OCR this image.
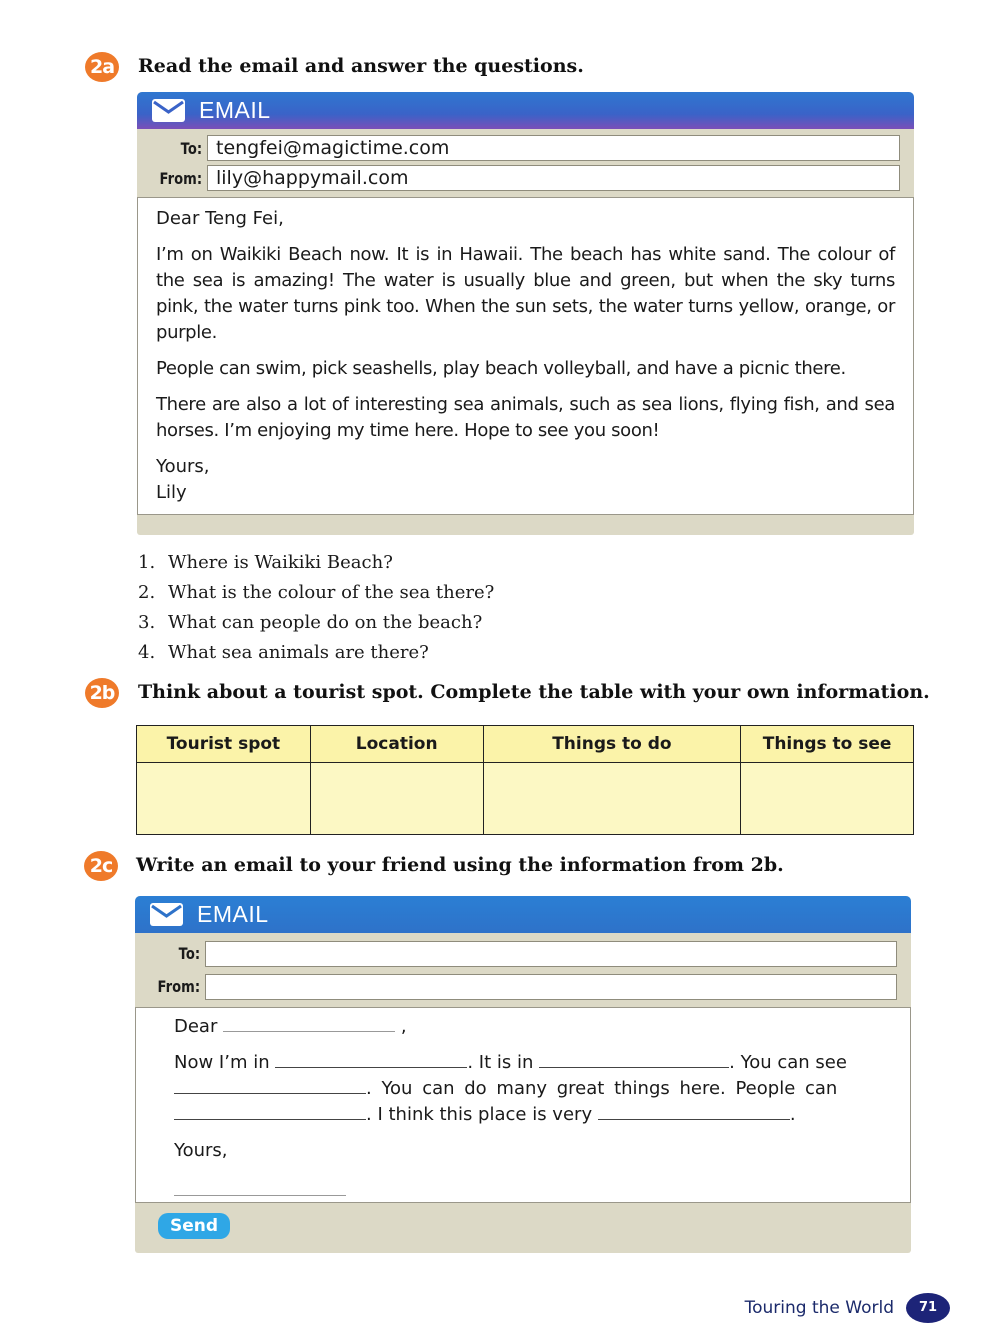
2a Read the email and answer the questions.
EMAIL
To: tengfei@magictime.com
From: lily@happymail.com

Dear Teng Fei,

I’m on Waikiki Beach now. It is in Hawaii. The beach has white sand. The colour of the sea is amazing! The water is usually blue and green, but when the sky turns pink, the water turns pink too. When the sun sets, the water turns yellow, orange, or purple.

People can swim, pick seashells, play beach volleyball, and have a picnic there.

There are also a lot of interesting sea animals, such as sea lions, flying fish, and sea horses. I’m enjoying my time here. Hope to see you soon!

Yours,
Lily

1. Where is Waikiki Beach?
2. What is the colour of the sea there?
3. What can people do on the beach?
4. What sea animals are there?
2b Think about a tourist spot. Complete the table with your own information.
Tourist spot	Location	Things to do	Things to see

2c	Write an email to your friend using the information from 2b.
EMAIL
To:
From:
Dear	,
Now I’m in	. It is in	. You can see
. You can do many great things here. People can
. I think this place is very	.
Yours,
Send
Touring the World	71
